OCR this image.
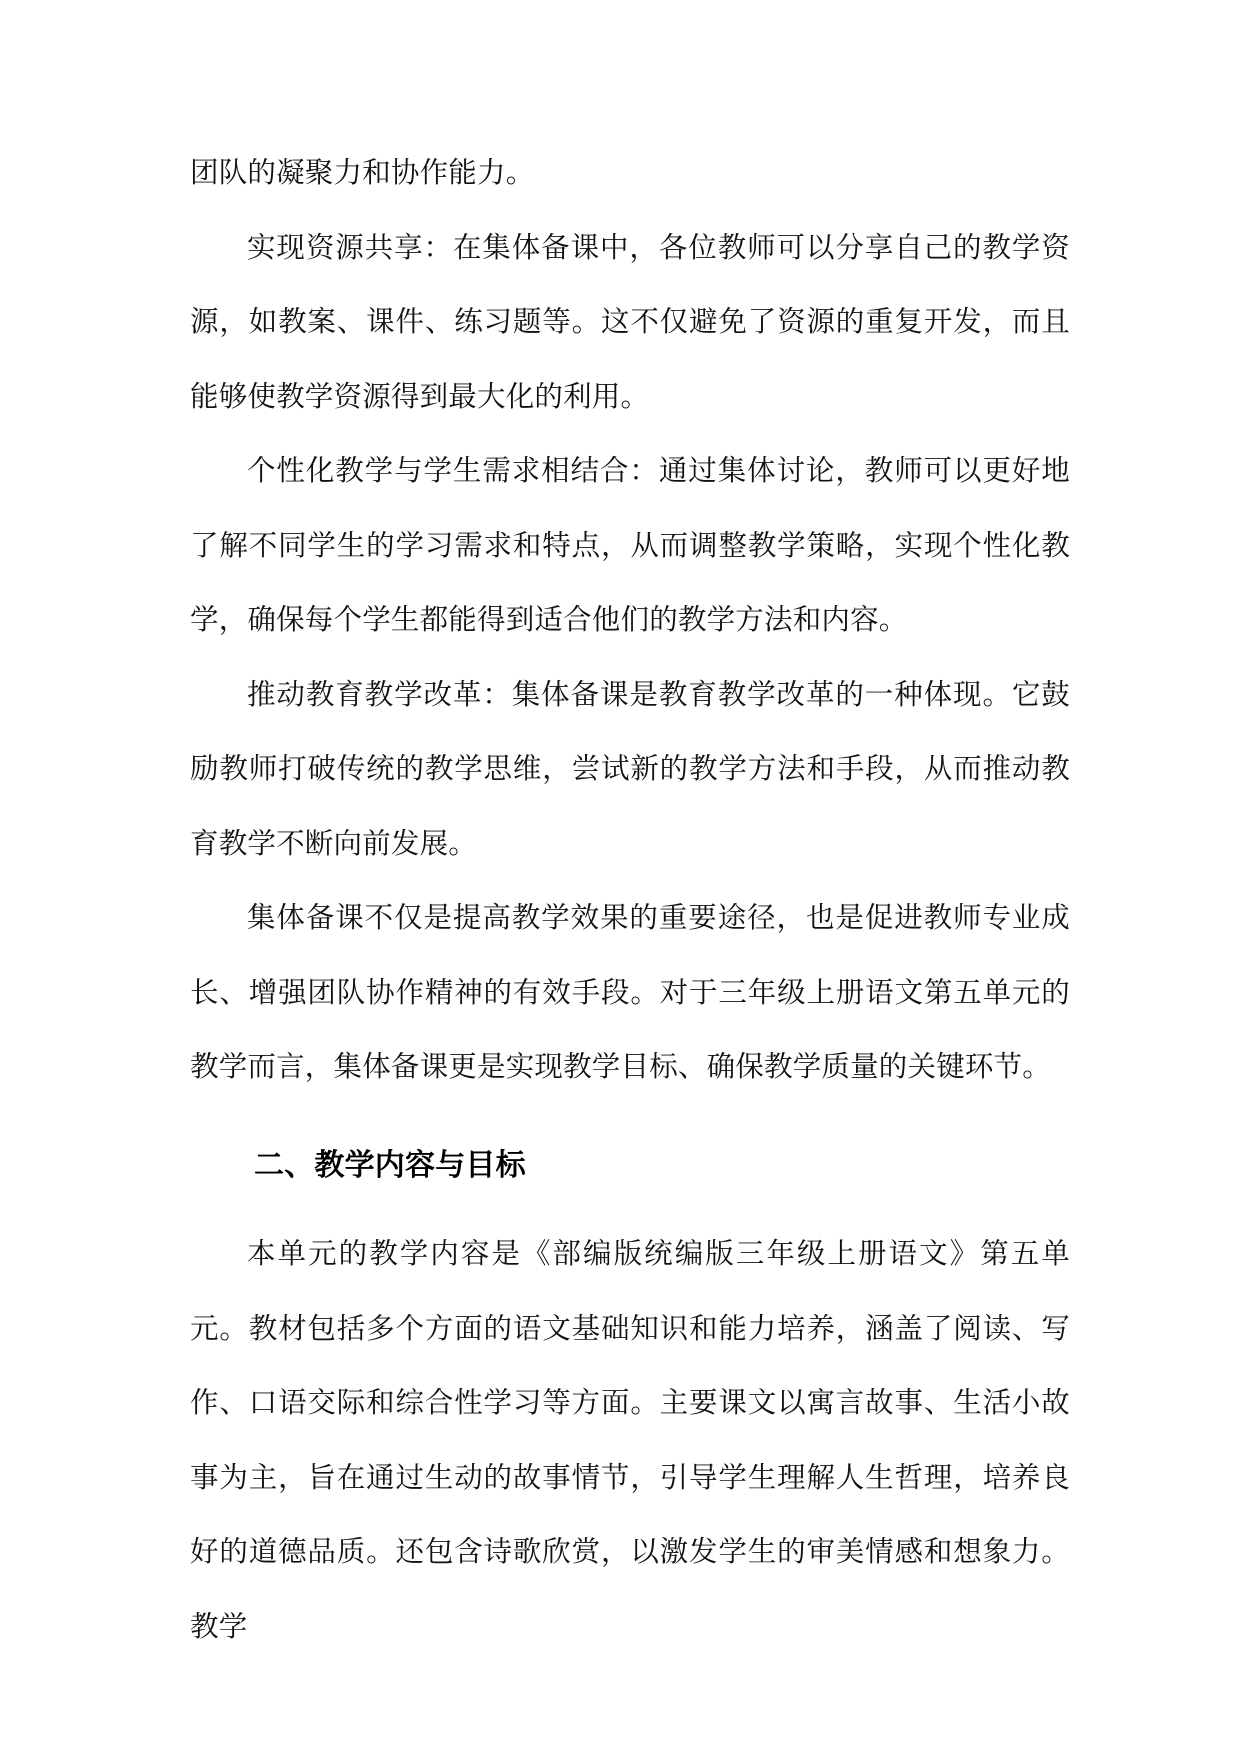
团队的凝聚力和协作能力。

实现资源共享：在集体备课中，各位教师可以分享自己的教学资源，如教案、课件、练习题等。这不仅避免了资源的重复开发，而且能够使教学资源得到最大化的利用。

个性化教学与学生需求相结合：通过集体讨论，教师可以更好地了解不同学生的学习需求和特点，从而调整教学策略，实现个性化教学，确保每个学生都能得到适合他们的教学方法和内容。

推动教育教学改革：集体备课是教育教学改革的一种体现。它鼓励教师打破传统的教学思维，尝试新的教学方法和手段，从而推动教育教学不断向前发展。

集体备课不仅是提高教学效果的重要途径，也是促进教师专业成长、增强团队协作精神的有效手段。对于三年级上册语文第五单元的教学而言，集体备课更是实现教学目标、确保教学质量的关键环节。

二、教学内容与目标

本单元的教学内容是《部编版统编版三年级上册语文》第五单元。教材包括多个方面的语文基础知识和能力培养，涵盖了阅读、写作、口语交际和综合性学习等方面。主要课文以寓言故事、生活小故事为主，旨在通过生动的故事情节，引导学生理解人生哲理，培养良好的道德品质。还包含诗歌欣赏，以激发学生的审美情感和想象力。教学
